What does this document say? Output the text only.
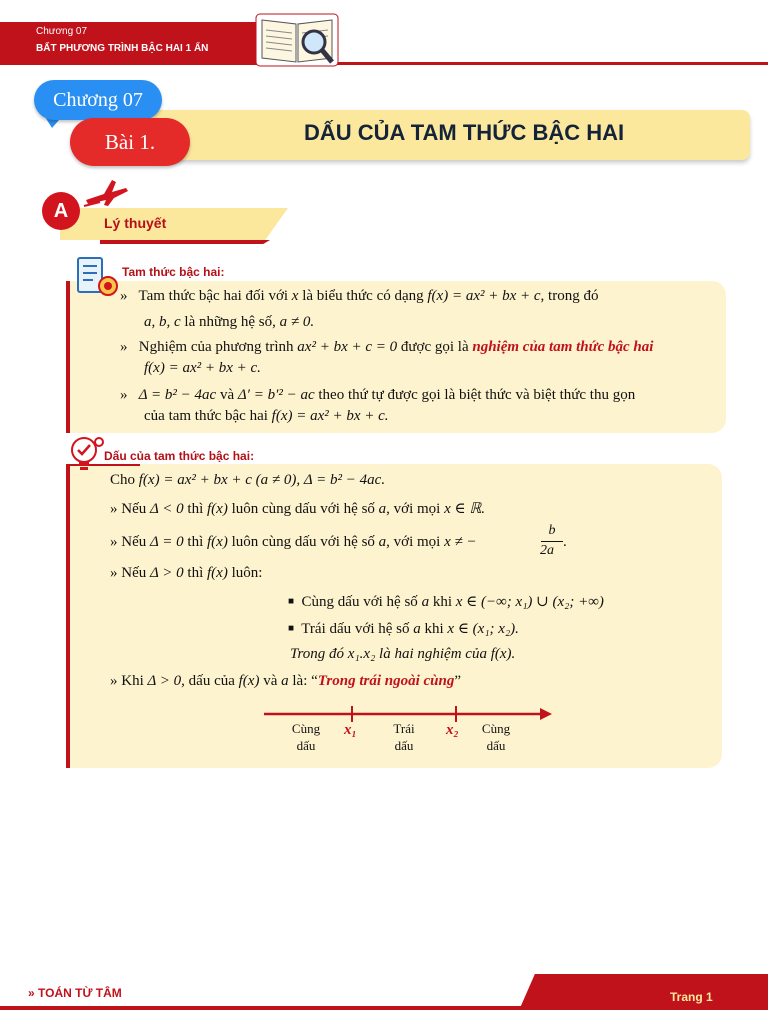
Chương 07
BẤT PHƯƠNG TRÌNH BẬC HAI 1 ẨN
DẤU CỦA TAM THỨC BẬC HAI
Chương 07
Bài 1.
A
Lý thuyết
Tam thức bậc hai:
» Tam thức bậc hai đối với x là biểu thức có dạng f(x) = ax² + bx + c, trong đó
a, b, c là những hệ số, a ≠ 0.
» Nghiệm của phương trình ax² + bx + c = 0 được gọi là nghiệm của tam thức bậc hai
f(x) = ax² + bx + c.
» Δ = b² − 4ac và Δ′ = b′² − ac theo thứ tự được gọi là biệt thức và biệt thức thu gọn
của tam thức bậc hai f(x) = ax² + bx + c.
Dấu của tam thức bậc hai:
Cho f(x) = ax² + bx + c (a ≠ 0), Δ = b² − 4ac.
» Nếu Δ < 0 thì f(x) luôn cùng dấu với hệ số a, với mọi x ∈ ℝ.
» Nếu Δ = 0 thì f(x) luôn cùng dấu với hệ số a, với mọi x ≠ −
b
2a
.
» Nếu Δ > 0 thì f(x) luôn:
■ Cùng dấu với hệ số a khi x ∈ (−∞; x₁) ∪ (x₂; +∞)
■ Trái dấu với hệ số a khi x ∈ (x₁; x₂).
Trong đó x₁.x₂ là hai nghiệm của f(x).
» Khi Δ > 0, dấu của f(x) và a là: “Trong trái ngoài cùng”
Cùng
dấu
x₁	Trái
dấu
x₂	Cùng
dấu
» TOÁN TỪ TÂM	Trang 1
